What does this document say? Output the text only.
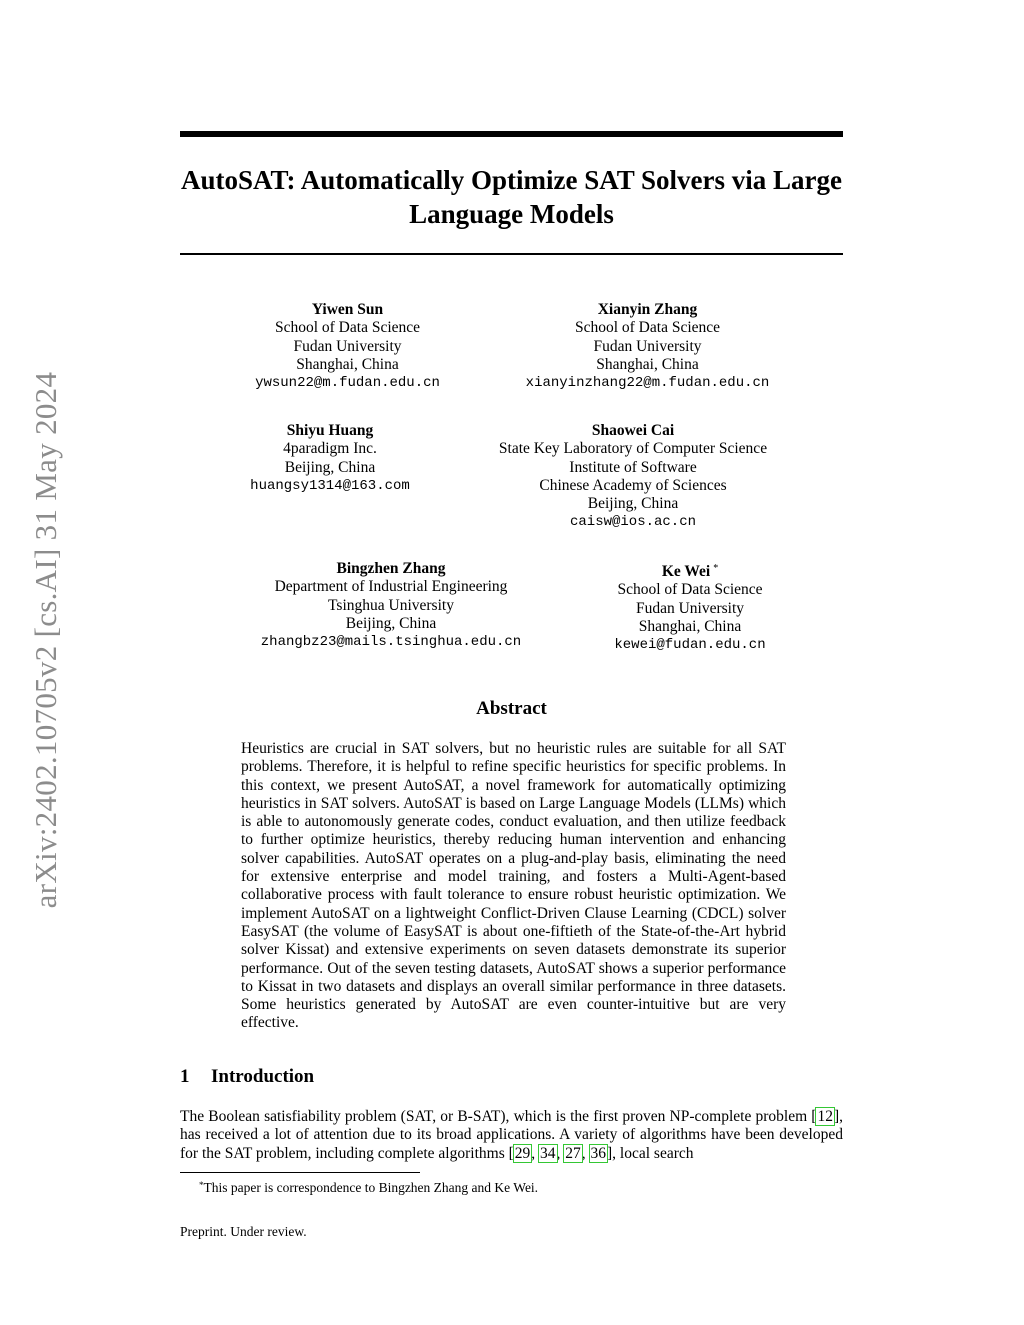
arXiv:2402.10705v2 [cs.AI] 31 May 2024
AutoSAT: Automatically Optimize SAT Solvers via Large Language Models
Yiwen Sun
School of Data Science
Fudan University
Shanghai, China
ywsun22@m.fudan.edu.cn
Xianyin Zhang
School of Data Science
Fudan University
Shanghai, China
xianyinzhang22@m.fudan.edu.cn
Shiyu Huang
4paradigm Inc.
Beijing, China
huangsy1314@163.com
Shaowei Cai
State Key Laboratory of Computer Science
Institute of Software
Chinese Academy of Sciences
Beijing, China
caisw@ios.ac.cn
Bingzhen Zhang
Department of Industrial Engineering
Tsinghua University
Beijing, China
zhangbz23@mails.tsinghua.edu.cn
Ke Wei *
School of Data Science
Fudan University
Shanghai, China
kewei@fudan.edu.cn
Abstract
Heuristics are crucial in SAT solvers, but no heuristic rules are suitable for all SAT problems. Therefore, it is helpful to refine specific heuristics for specific problems. In this context, we present AutoSAT, a novel framework for automatically optimizing heuristics in SAT solvers. AutoSAT is based on Large Language Models (LLMs) which is able to autonomously generate codes, conduct evaluation, and then utilize feedback to further optimize heuristics, thereby reducing human intervention and enhancing solver capabilities. AutoSAT operates on a plug-and-play basis, eliminating the need for extensive enterprise and model training, and fosters a Multi-Agent-based collaborative process with fault tolerance to ensure robust heuristic optimization. We implement AutoSAT on a lightweight Conflict-Driven Clause Learning (CDCL) solver EasySAT (the volume of EasySAT is about one-fiftieth of the State-of-the-Art hybrid solver Kissat) and extensive experiments on seven datasets demonstrate its superior performance. Out of the seven testing datasets, AutoSAT shows a superior performance to Kissat in two datasets and displays an overall similar performance in three datasets. Some heuristics generated by AutoSAT are even counter-intuitive but are very effective.
1 Introduction
The Boolean satisfiability problem (SAT, or B-SAT), which is the first proven NP-complete problem [12], has received a lot of attention due to its broad applications. A variety of algorithms have been developed for the SAT problem, including complete algorithms [29, 34, 27, 36], local search
*This paper is correspondence to Bingzhen Zhang and Ke Wei.
Preprint. Under review.
